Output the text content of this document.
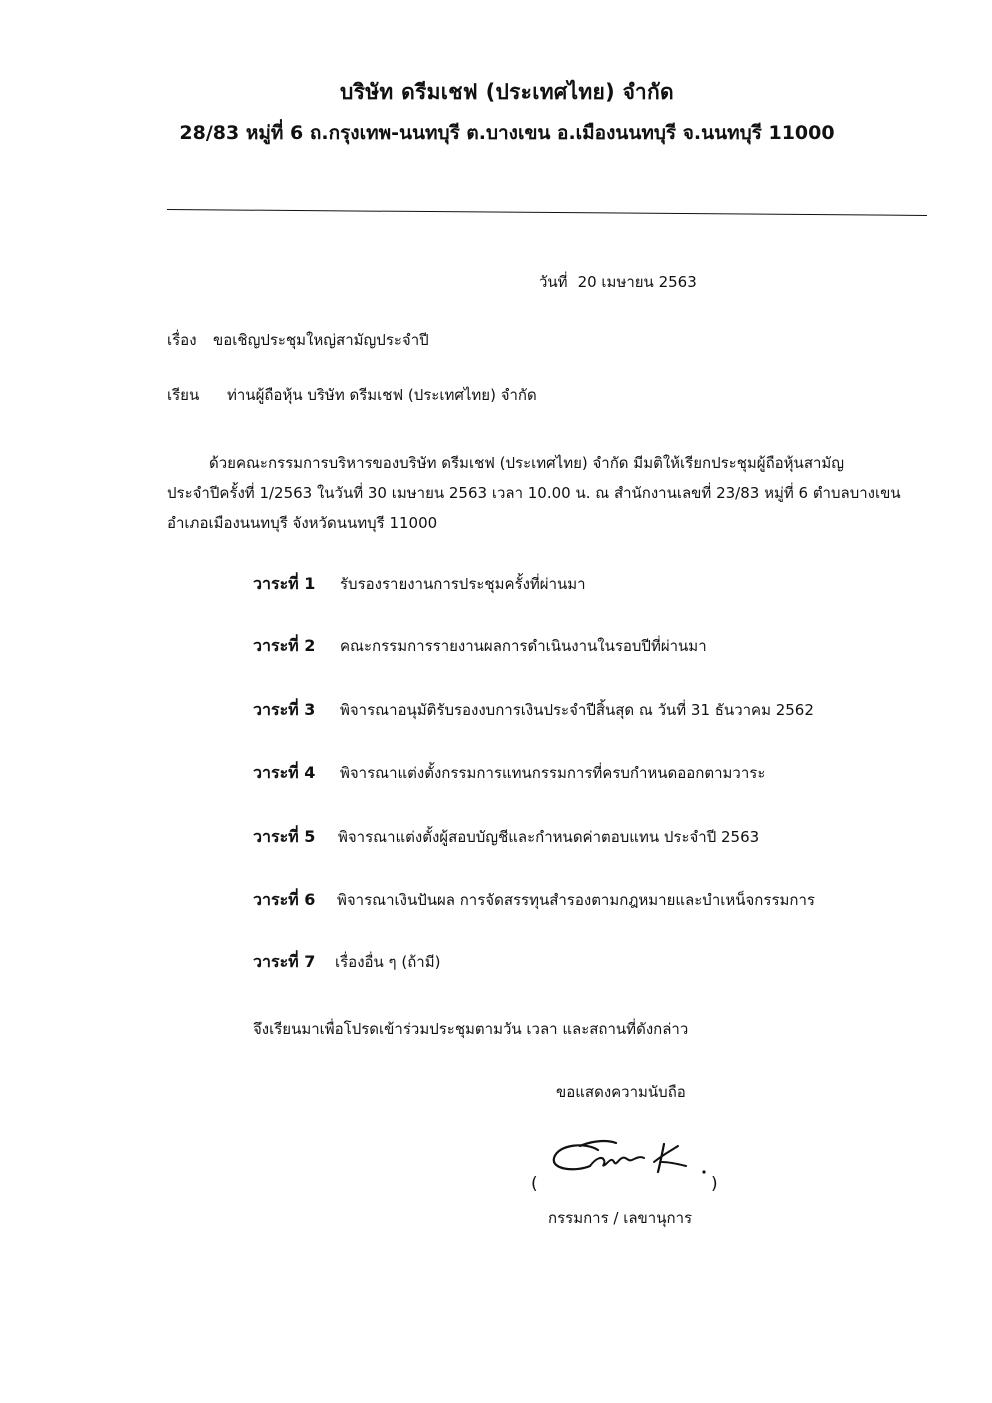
บริษัท ดรีมเชฟ (ประเทศไทย) จำกัด
28/83 หมู่ที่ 6 ถ.กรุงเทพ-นนทบุรี ต.บางเขน อ.เมืองนนทบุรี จ.นนทบุรี 11000
วันที่ 20 เมษายน 2563
เรื่อง ขอเชิญประชุมใหญ่สามัญประจำปี
เรียน ท่านผู้ถือหุ้น บริษัท ดรีมเชฟ (ประเทศไทย) จำกัด
ด้วยคณะกรรมการบริหารของบริษัท ดรีมเชฟ (ประเทศไทย) จำกัด มีมติให้เรียกประชุมผู้ถือหุ้นสามัญ
ประจำปีครั้งที่ 1/2563 ในวันที่ 30 เมษายน 2563 เวลา 10.00 น. ณ สำนักงานเลขที่ 23/83 หมู่ที่ 6 ตำบลบางเขน
อำเภอเมืองนนทบุรี จังหวัดนนทบุรี 11000
วาระที่ 1 รับรองรายงานการประชุมครั้งที่ผ่านมา
วาระที่ 2 คณะกรรมการรายงานผลการดำเนินงานในรอบปีที่ผ่านมา
วาระที่ 3 พิจารณาอนุมัติรับรองงบการเงินประจำปีสิ้นสุด ณ วันที่ 31 ธันวาคม 2562
วาระที่ 4 พิจารณาแต่งตั้งกรรมการแทนกรรมการที่ครบกำหนดออกตามวาระ
วาระที่ 5 พิจารณาแต่งตั้งผู้สอบบัญชีและกำหนดค่าตอบแทน ประจำปี 2563
วาระที่ 6 พิจารณาเงินปันผล การจัดสรรทุนสำรองตามกฎหมายและบำเหน็จกรรมการ
วาระที่ 7 เรื่องอื่น ๆ (ถ้ามี)
จึงเรียนมาเพื่อโปรดเข้าร่วมประชุมตามวัน เวลา และสถานที่ดังกล่าว
ขอแสดงความนับถือ
(	)
กรรมการ / เลขานุการ
